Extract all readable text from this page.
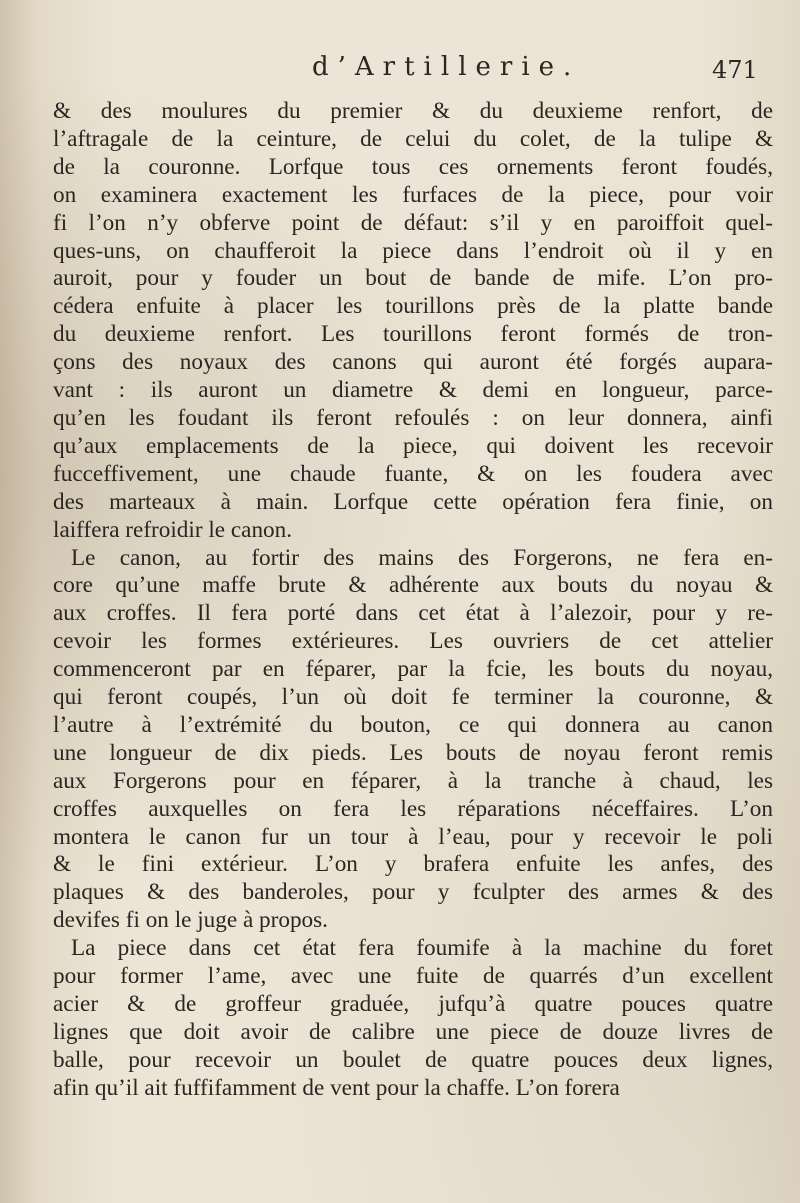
d’Artillerie.	471
& des moulures du premier & du deuxieme renfort, de
l’aftragale de la ceinture, de celui du colet, de la tulipe &
de la couronne. Lorfque tous ces ornements feront foudés,
on examinera exactement les furfaces de la piece, pour voir
fi l’on n’y obferve point de défaut: s’il y en paroiffoit quel-
ques-uns, on chaufferoit la piece dans l’endroit où il y en
auroit, pour y fouder un bout de bande de mife. L’on pro-
cédera enfuite à placer les tourillons près de la platte bande
du deuxieme renfort. Les tourillons feront formés de tron-
çons des noyaux des canons qui auront été forgés aupara-
vant : ils auront un diametre & demi en longueur, parce-
qu’en les foudant ils feront refoulés : on leur donnera, ainfi
qu’aux emplacements de la piece, qui doivent les recevoir
fucceffivement, une chaude fuante, & on les foudera avec
des marteaux à main. Lorfque cette opération fera finie, on
laiffera refroidir le canon.
Le canon, au fortir des mains des Forgerons, ne fera en-
core qu’une maffe brute & adhérente aux bouts du noyau &
aux croffes. Il fera porté dans cet état à l’alezoir, pour y re-
cevoir les formes extérieures. Les ouvriers de cet attelier
commenceront par en féparer, par la fcie, les bouts du noyau,
qui feront coupés, l’un où doit fe terminer la couronne, &
l’autre à l’extrémité du bouton, ce qui donnera au canon
une longueur de dix pieds. Les bouts de noyau feront remis
aux Forgerons pour en féparer, à la tranche à chaud, les
croffes auxquelles on fera les réparations néceffaires. L’on
montera le canon fur un tour à l’eau, pour y recevoir le poli
& le fini extérieur. L’on y brafera enfuite les anfes, des
plaques & des banderoles, pour y fculpter des armes & des
devifes fi on le juge à propos.
La piece dans cet état fera foumife à la machine du foret
pour former l’ame, avec une fuite de quarrés d’un excellent
acier & de groffeur graduée, jufqu’à quatre pouces quatre
lignes que doit avoir de calibre une piece de douze livres de
balle, pour recevoir un boulet de quatre pouces deux lignes,
afin qu’il ait fuffifamment de vent pour la chaffe. L’on forera
